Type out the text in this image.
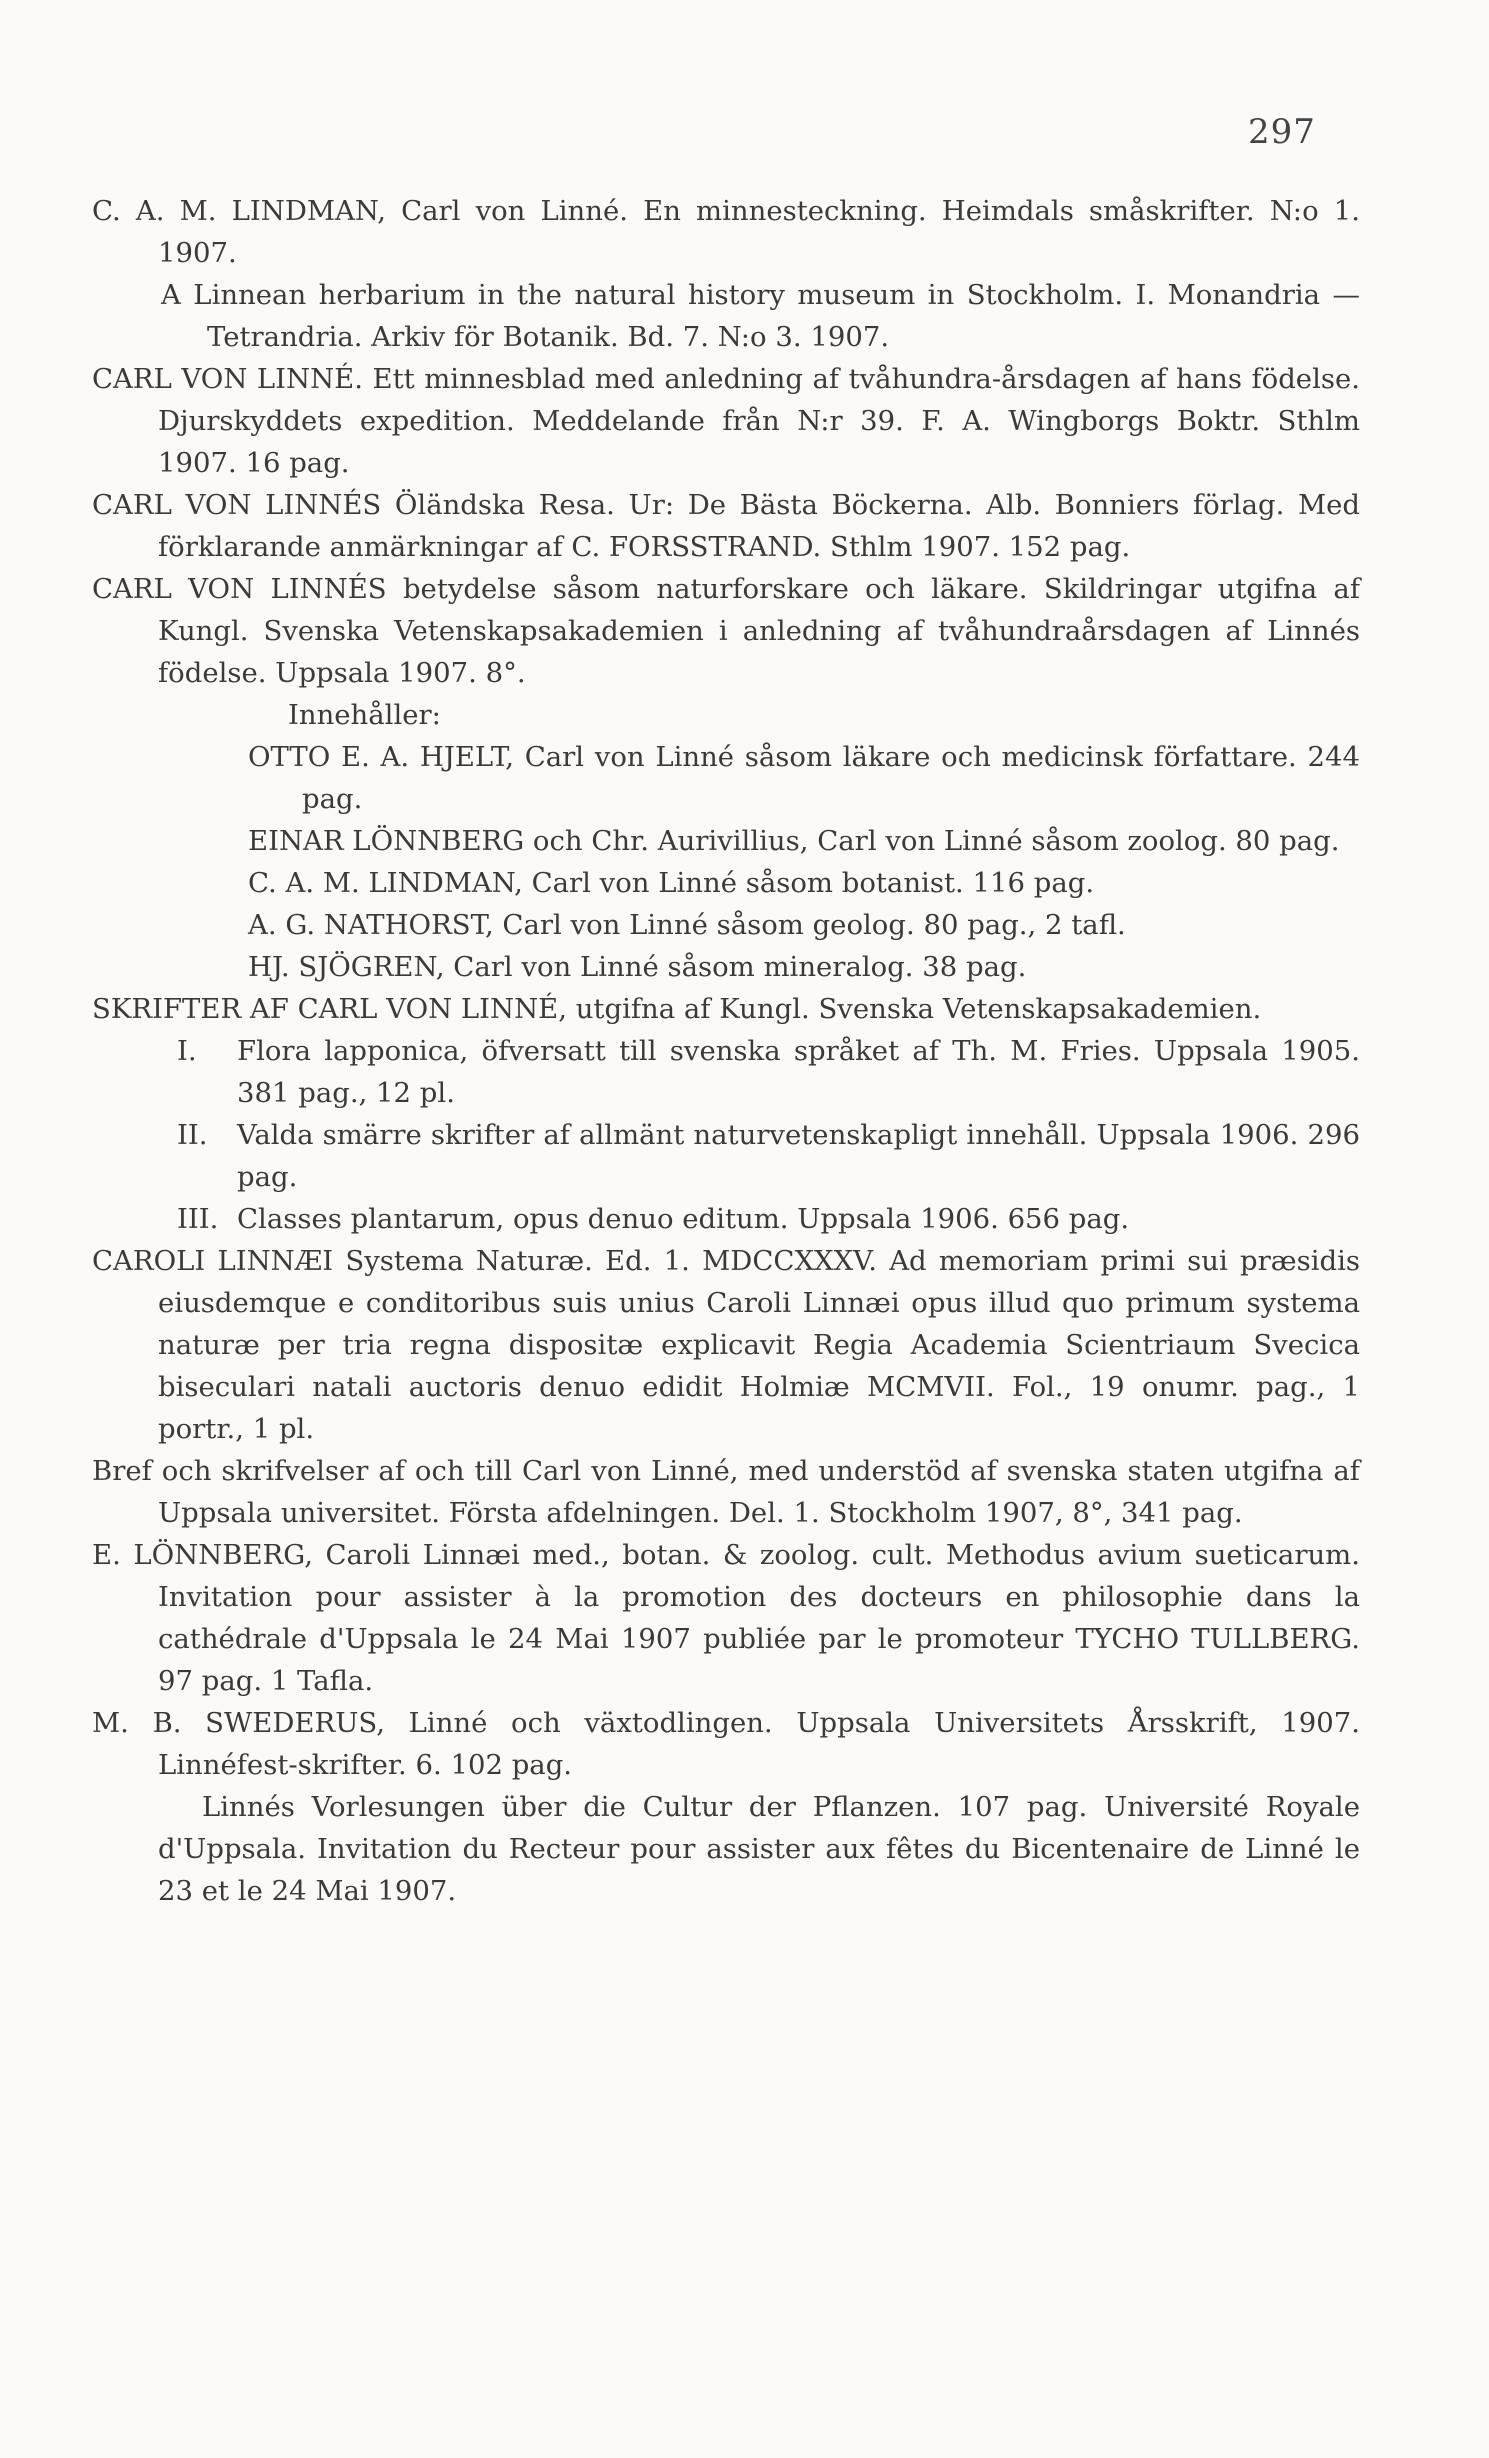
297

C. A. M. LINDMAN, Carl von Linné. En minnesteckning. Heimdals småskrifter. N:o 1. 1907.

A Linnean herbarium in the natural history museum in Stockholm. I. Monandria — Tetrandria. Arkiv för Botanik. Bd. 7. N:o 3. 1907.

CARL VON LINNÉ. Ett minnesblad med anledning af tvåhundra-årsdagen af hans födelse. Djurskyddets expedition. Meddelande från N:r 39. F. A. Wingborgs Boktr. Sthlm 1907. 16 pag.

CARL VON LINNÉS Öländska Resa. Ur: De Bästa Böckerna. Alb. Bonniers förlag. Med förklarande anmärkningar af C. FORSSTRAND. Sthlm 1907. 152 pag.

CARL VON LINNÉS betydelse såsom naturforskare och läkare. Skildringar utgifna af Kungl. Svenska Vetenskapsakademien i anledning af tvåhundraårsdagen af Linnés födelse. Uppsala 1907. 8°.

Innehåller:

OTTO E. A. HJELT, Carl von Linné såsom läkare och medicinsk författare. 244 pag.

EINAR LÖNNBERG och Chr. Aurivillius, Carl von Linné såsom zoolog. 80 pag.

C. A. M. LINDMAN, Carl von Linné såsom botanist. 116 pag.

A. G. NATHORST, Carl von Linné såsom geolog. 80 pag., 2 tafl.

HJ. SJÖGREN, Carl von Linné såsom mineralog. 38 pag.

SKRIFTER AF CARL VON LINNÉ, utgifna af Kungl. Svenska Vetenskapsakademien.

I. Flora lapponica, öfversatt till svenska språket af Th. M. Fries. Uppsala 1905. 381 pag., 12 pl.

II. Valda smärre skrifter af allmänt naturvetenskapligt innehåll. Uppsala 1906. 296 pag.

III. Classes plantarum, opus denuo editum. Uppsala 1906. 656 pag.

CAROLI LINNÆI Systema Naturæ. Ed. 1. MDCCXXXV. Ad memoriam primi sui præsidis eiusdemque e conditoribus suis unius Caroli Linnæi opus illud quo primum systema naturæ per tria regna dispositæ explicavit Regia Academia Scientriaum Svecica biseculari natali auctoris denuo edidit Holmiæ MCMVII. Fol., 19 onumr. pag., 1 portr., 1 pl.

Bref och skrifvelser af och till Carl von Linné, med understöd af svenska staten utgifna af Uppsala universitet. Första afdelningen. Del. 1. Stockholm 1907, 8°, 341 pag.

E. LÖNNBERG, Caroli Linnæi med., botan. & zoolog. cult. Methodus avium sueticarum. Invitation pour assister à la promotion des docteurs en philosophie dans la cathédrale d'Uppsala le 24 Mai 1907 publiée par le promoteur TYCHO TULLBERG. 97 pag. 1 Tafla.

M. B. SWEDERUS, Linné och växtodlingen. Uppsala Universitets Årsskrift, 1907. Linnéfest-skrifter. 6. 102 pag.

Linnés Vorlesungen über die Cultur der Pflanzen. 107 pag. Université Royale d'Uppsala. Invitation du Recteur pour assister aux fêtes du Bicentenaire de Linné le 23 et le 24 Mai 1907.
